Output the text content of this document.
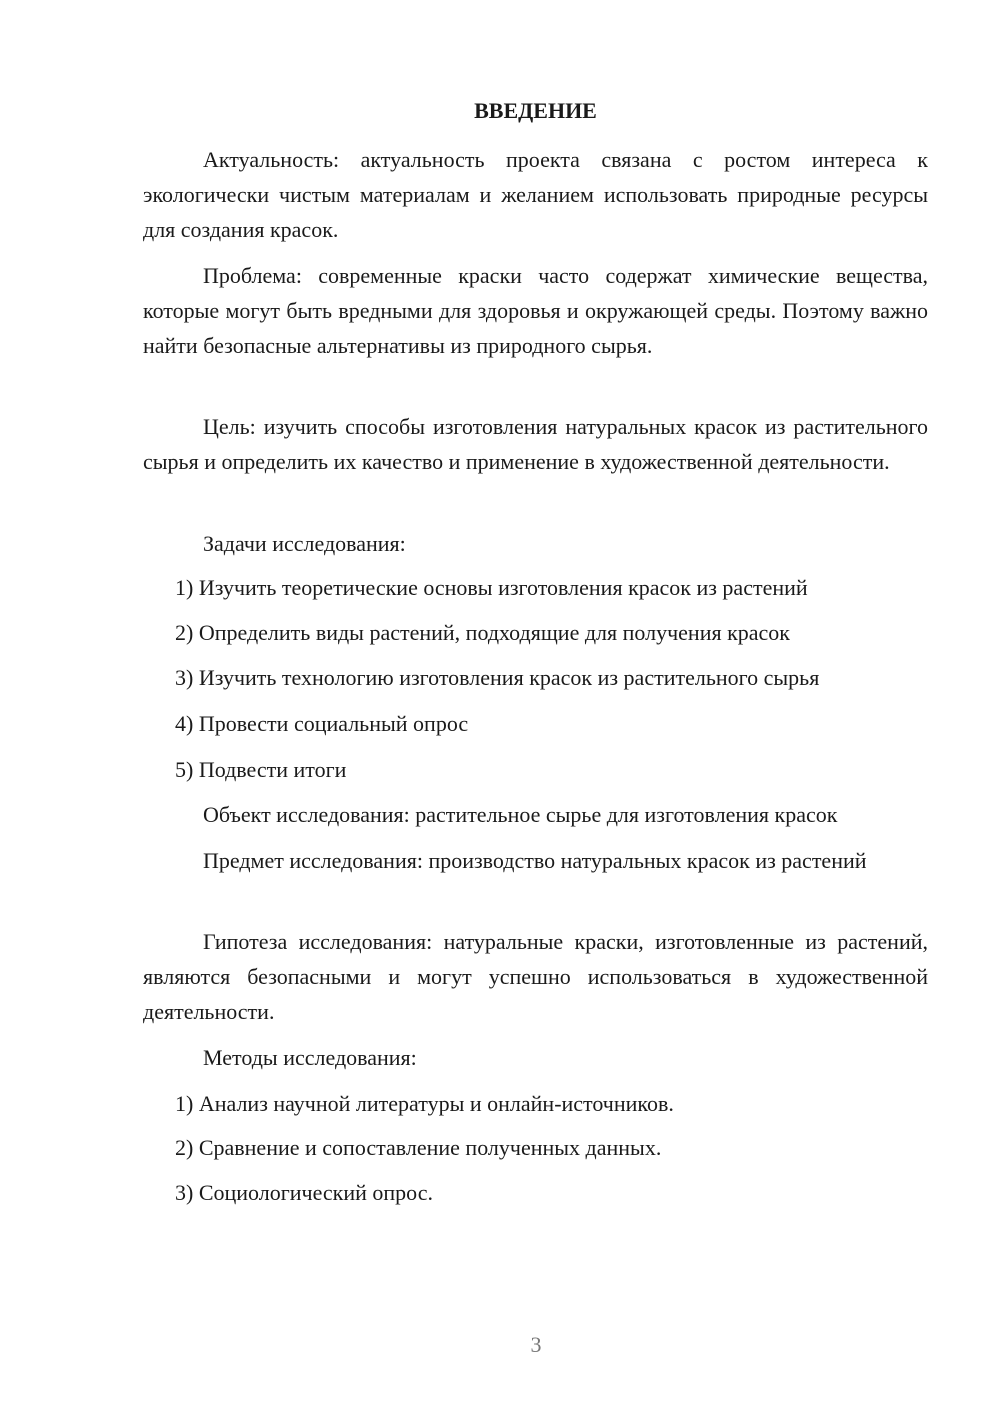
ВВЕДЕНИЕ

Актуальность: актуальность проекта связана с ростом интереса к экологически чистым материалам и желанием использовать природные ресурсы для создания красок.

Проблема: современные краски часто содержат химические вещества, которые могут быть вредными для здоровья и окружающей среды. Поэтому важно найти безопасные альтернативы из природного сырья.

Цель: изучить способы изготовления натуральных красок из растительного сырья и определить их качество и применение в художественной деятельности.

Задачи исследования:

1) Изучить теоретические основы изготовления красок из растений

2) Определить виды растений, подходящие для получения красок

3) Изучить технологию изготовления красок из растительного сырья

4) Провести социальный опрос

5) Подвести итоги

Объект исследования: растительное сырье для изготовления красок

Предмет исследования: производство натуральных красок из растений

Гипотеза исследования: натуральные краски, изготовленные из растений, являются безопасными и могут успешно использоваться в художественной деятельности.

Методы исследования:

1) Анализ научной литературы и онлайн-источников.

2) Сравнение и сопоставление полученных данных.

3) Социологический опрос.

3
